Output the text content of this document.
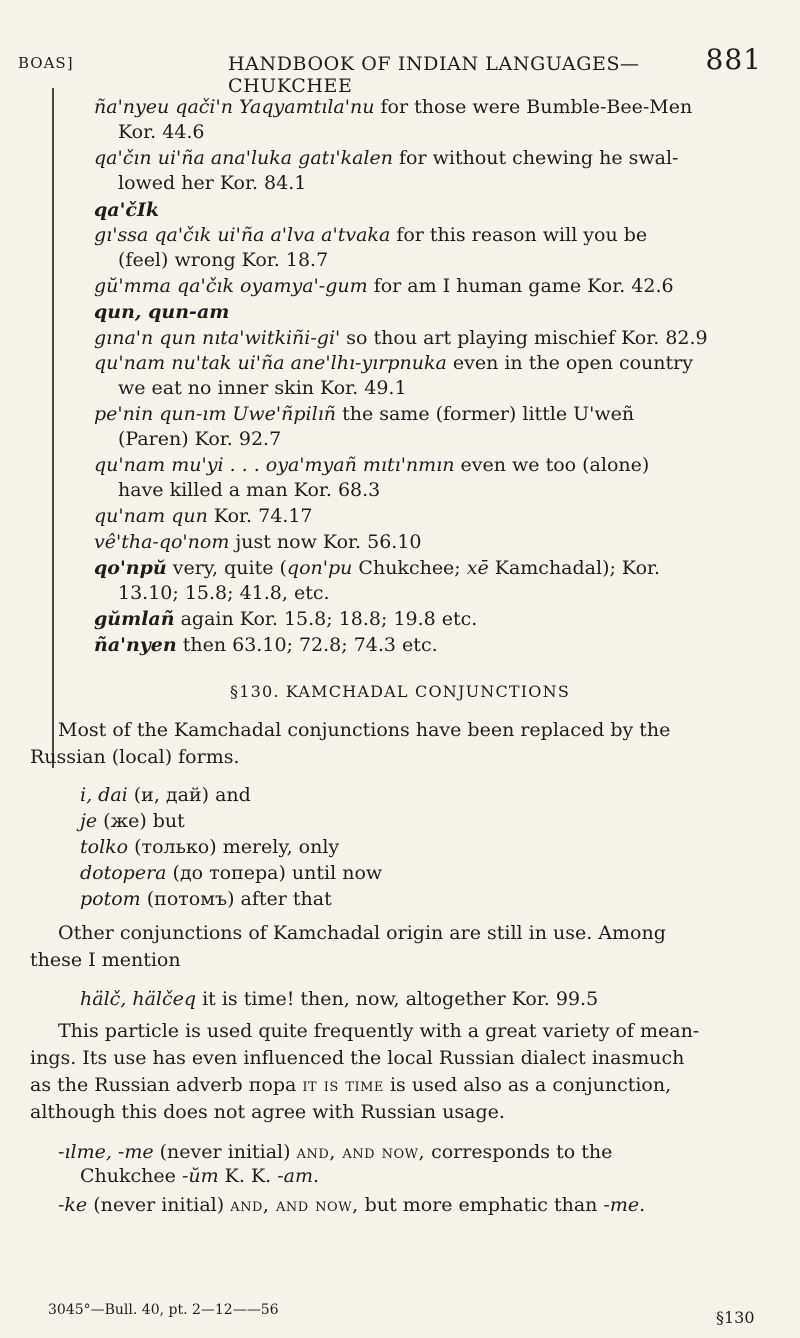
BOAS]	HANDBOOK OF INDIAN LANGUAGES—CHUKCHEE
881
ña'nyeu qači'n Yaqyamtıla'nu for those were Bumble-Bee-Men
Kor. 44.6
qa'čın ui'ña ana'luka gatı'kalen for without chewing he swal-
lowed her Kor. 84.1
qa'čIk
gı'ssa qa'čık ui'ña a'lva a'tvaka for this reason will you be
(feel) wrong Kor. 18.7
gŭ'mma qa'čık oyamya'-gum for am I human game Kor. 42.6
qun, qun-am
gına'n qun nıta'witkiñi-gi' so thou art playing mischief Kor. 82.9
qu'nam nu'tak ui'ña ane'lhı-yırpnuka even in the open country
we eat no inner skin Kor. 49.1
pe'nin qun-ım Uwe'ñpilıñ the same (former) little U'weñ
(Paren) Kor. 92.7
qu'nam mu'yi . . . oya'myañ mıtı'nmın even we too (alone)
have killed a man Kor. 68.3
qu'nam qun Kor. 74.17
vê'tha-qo'nom just now Kor. 56.10
qo'npŭ very, quite (qon'pu Chukchee; xē Kamchadal); Kor.
13.10; 15.8; 41.8, etc.
gŭmlañ again Kor. 15.8; 18.8; 19.8 etc.
ña'nyen then 63.10; 72.8; 74.3 etc.
§130. KAMCHADAL CONJUNCTIONS
Most of the Kamchadal conjunctions have been replaced by the
Russian (local) forms.
i, dai (и, дай) and
je (же) but
tolko (только) merely, only
dotopera (до топера) until now
potom (потомъ) after that
Other conjunctions of Kamchadal origin are still in use. Among
these I mention
hälč, hälčeq it is time! then, now, altogether Kor. 99.5
This particle is used quite frequently with a great variety of mean-
ings. Its use has even influenced the local Russian dialect inasmuch
as the Russian adverb пора it is time is used also as a conjunction,
although this does not agree with Russian usage.
-ılme, -me (never initial) and, and now, corresponds to the
Chukchee -ŭm K. K. -am.
-ke (never initial) and, and now, but more emphatic than -me.
3045°—Bull. 40, pt. 2—12——56	§130
